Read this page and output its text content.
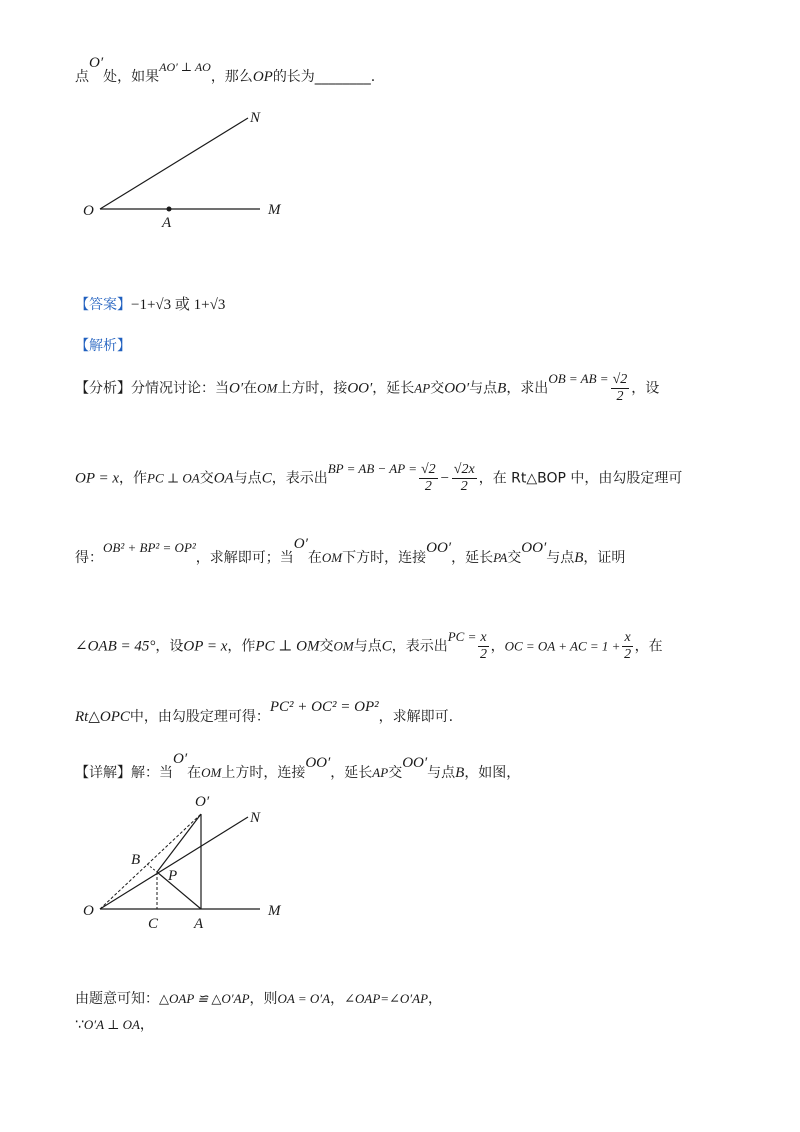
点O′处，如果AO′ ⊥ AO，那么OP的长为________.
O
A
M
N
【答案】−1+√3 或 1+√3
【解析】
【分析】分情况讨论：当O′在OM上方时，接OO′，延长AP交OO′与点B，求出OB = AB = $\frac{√2}{2}$ ，设
OP = x，作PC ⊥ OA交OA与点C，表示出BP = AB − AP = $\frac{√2}{2} - \frac{√2x}{2}$ ，在 Rt△BOP 中，由勾股定理可
得：OB² + BP² = OP²，求解即可；当O′在OM下方时，连接OO′，延长PA交OO′与点B，证明
∠OAB = 45°，设OP = x，作PC ⊥ OM交OM与点C，表示出PC = $\frac{x}{2}$ ，OC = OA + AC = $1 + \frac{x}{2}$ ，在
Rt△OPC中，由勾股定理可得：PC² + OC² = OP²，求解即可.
【详解】解：当O′在OM上方时，连接OO′，延长AP交OO′与点B，如图，
O′
N
B
P
O
C A
M
由题意可知：△OAP ≌ △O′AP，则OA = O′A，∠OAP=∠O′AP，
∵O′A ⊥ OA，
